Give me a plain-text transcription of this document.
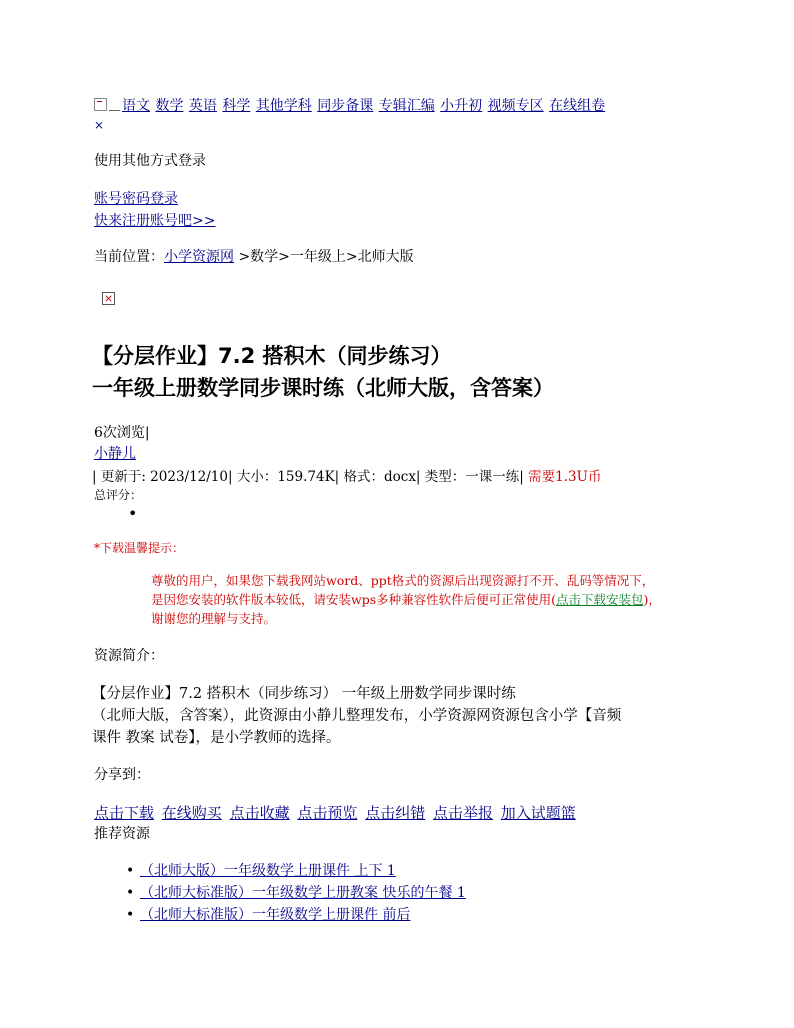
语文 数学 英语 科学 其他学科 同步备课 专辑汇编 小升初 视频专区 在线组卷
×
使用其他方式登录
账号密码登录
快来注册账号吧>>
当前位置：小学资源网 >数学>一年级上>北师大版
×
【分层作业】7.2 搭积木（同步练习）
一年级上册数学同步课时练（北师大版，含答案）
6次浏览|
小静儿
| 更新于: 2023/12/10| 大小：159.74K| 格式：docx| 类型：一课一练| 需要1.3U币
总评分：
•
*下载温馨提示：
尊敬的用户，如果您下载我网站word、ppt格式的资源后出现资源打不开、乱码等情况下，
是因您安装的软件版本较低，请安装wps多种兼容性软件后便可正常使用(点击下载安装包)，
谢谢您的理解与支持。
资源简介：
【分层作业】7.2 搭积木（同步练习） 一年级上册数学同步课时练
（北师大版，含答案），此资源由小静儿整理发布，小学资源网资源包含小学【音频
课件 教案 试卷】，是小学教师的选择。
分享到：
点击下载 在线购买 点击收藏 点击预览 点击纠错 点击举报 加入试题篮
推荐资源
• （北师大版）一年级数学上册课件 上下 1
• （北师大标准版）一年级数学上册教案 快乐的午餐 1
• （北师大标准版）一年级数学上册课件 前后
